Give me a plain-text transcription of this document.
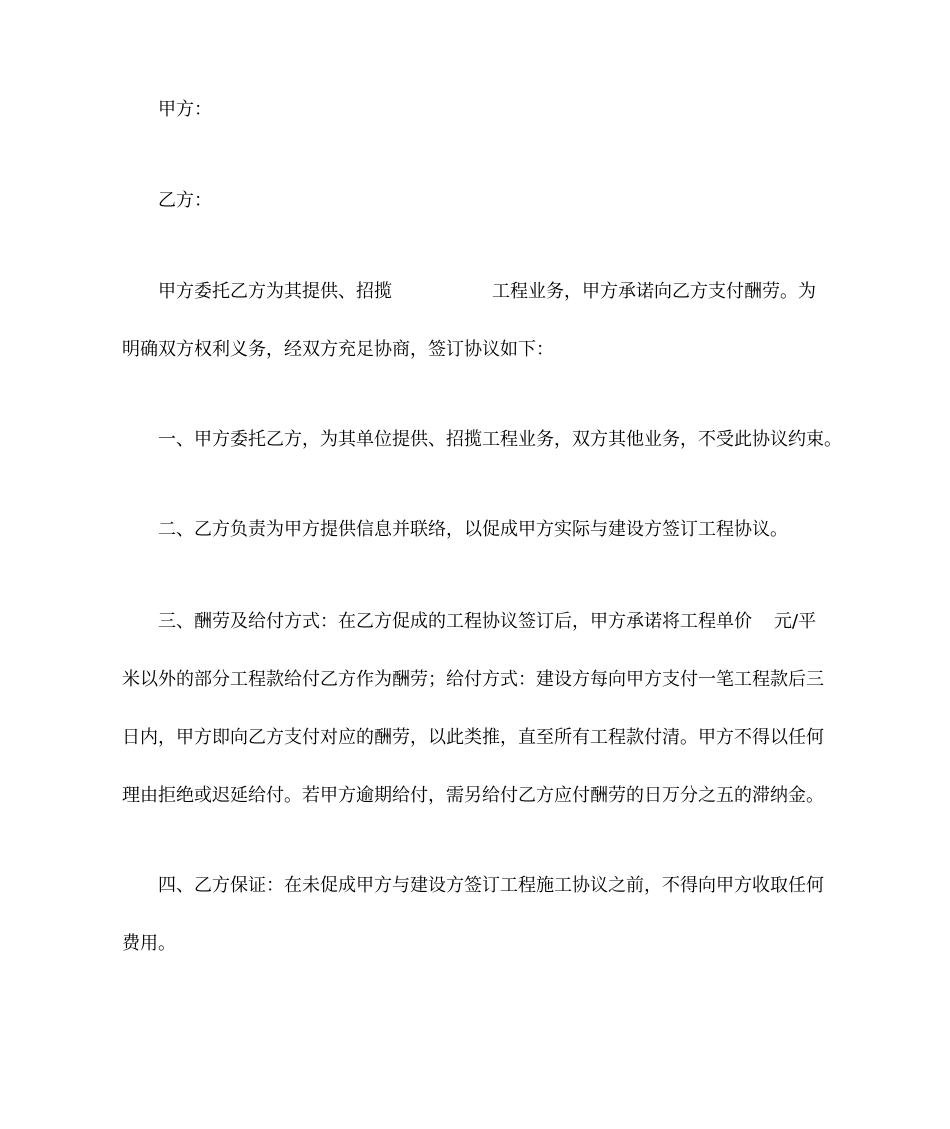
甲方：
乙方：
甲方委托乙方为其提供、招揽	工程业务，甲方承诺向乙方支付酬劳。为
明确双方权利义务，经双方充足协商，签订协议如下：
一、甲方委托乙方，为其单位提供、招揽工程业务，双方其他业务，不受此协议约束。
二、乙方负责为甲方提供信息并联络，以促成甲方实际与建设方签订工程协议。
三、酬劳及给付方式：在乙方促成的工程协议签订后，甲方承诺将工程单价 元/平
米以外的部分工程款给付乙方作为酬劳；给付方式：建设方每向甲方支付一笔工程款后三
日内，甲方即向乙方支付对应的酬劳，以此类推，直至所有工程款付清。甲方不得以任何
理由拒绝或迟延给付。若甲方逾期给付，需另给付乙方应付酬劳的日万分之五的滞纳金。
四、乙方保证：在未促成甲方与建设方签订工程施工协议之前，不得向甲方收取任何
费用。
